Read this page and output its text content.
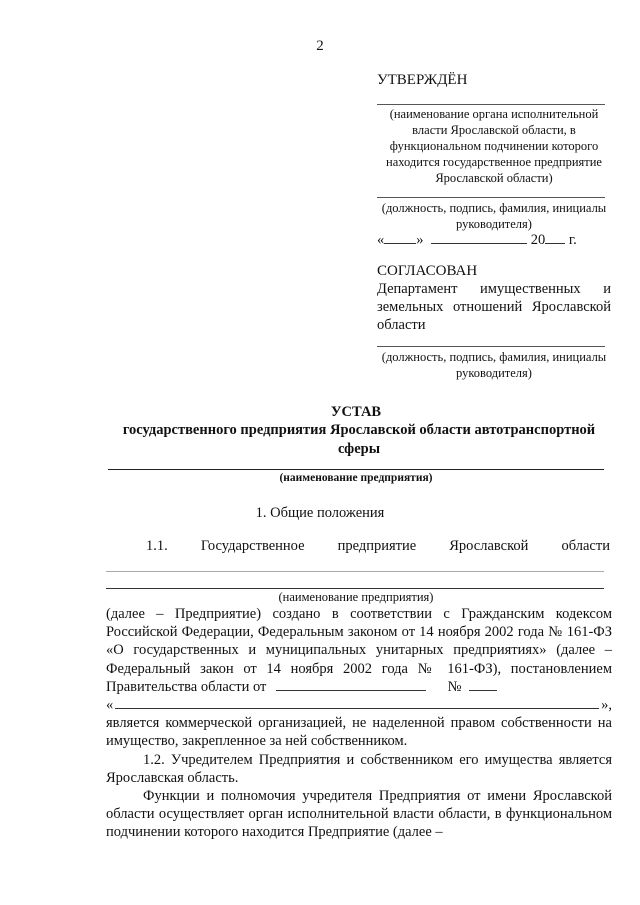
2
УТВЕРЖДЁН
(наименование органа исполнительной власти Ярославской области, в функциональном подчинении которого находится государственное предприятие Ярославской области)
(должность, подпись, фамилия, инициалы руководителя)
« »	20 г.
СОГЛАСОВАН
Департамент имущественных и земельных отношений Ярославской области
(должность, подпись, фамилия, инициалы руководителя)
УСТАВ
государственного предприятия Ярославской области автотранспортной сферы
(наименование предприятия)
1. Общие положения
1.1. Государственное предприятие Ярославской области
(наименование предприятия)

(далее – Предприятие) создано в соответствии с Гражданским кодексом Российской Федерации, Федеральным законом от 14 ноября 2002 года № 161-ФЗ «О государственных и муниципальных унитарных предприятиях» (далее – Федеральный закон от 14 ноября 2002 года № 161-ФЗ), постановлением Правительства области от	№

«	»,

является коммерческой организацией, не наделенной правом собственности на имущество, закрепленное за ней собственником.

1.2. Учредителем Предприятия и собственником его имущества является Ярославская область.

Функции и полномочия учредителя Предприятия от имени Ярославской области осуществляет орган исполнительной власти области, в функциональном подчинении которого находится Предприятие (далее –
